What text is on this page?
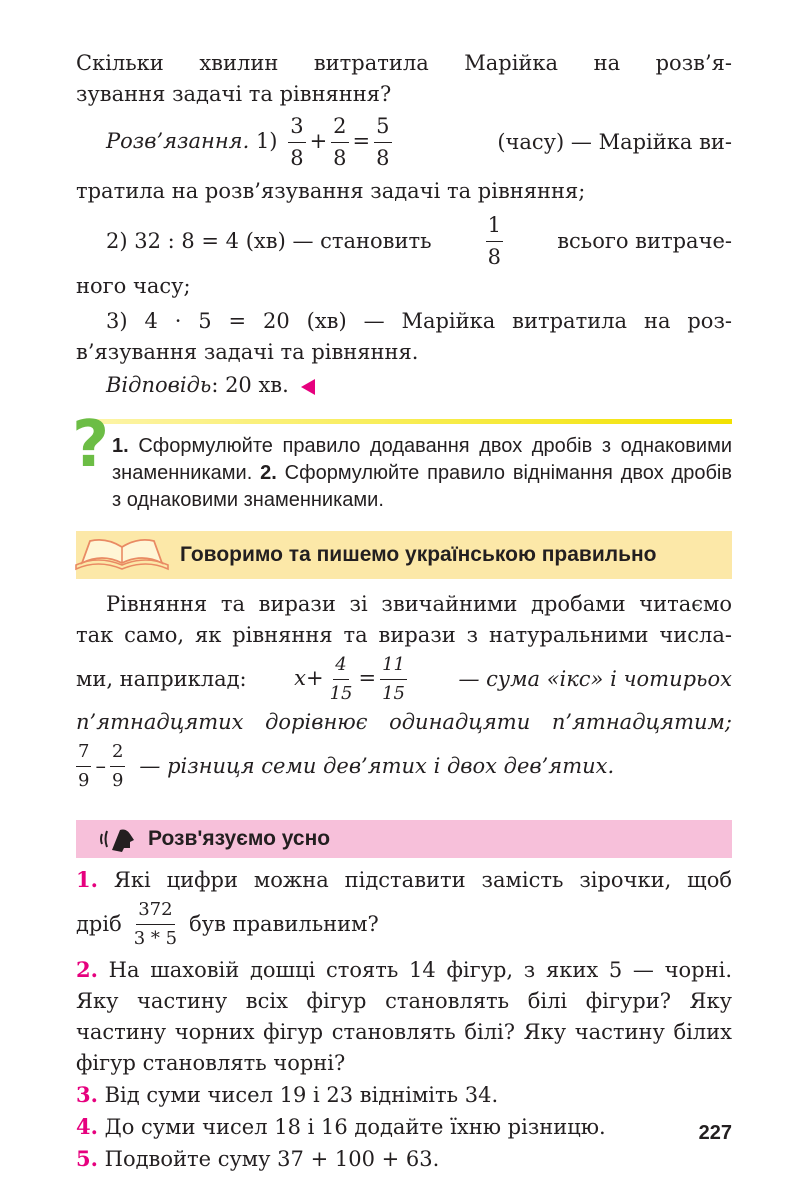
Скільки хвилин витратила Марійка на розв’я-

зування задачі та рівняння?

Розв’язання. $1) \frac{3}{8} + \frac{2}{8} = \frac{5}{8}$	(часу) — Марійка ви-

тратила на розв’язування задачі та рівняння;

2) 32 : 8 = 4 (хв) — становить	$\frac{1}{8}$	всього витраче-

ного часу;

3) 4 · 5 = 20 (хв) — Марійка витратила на роз-

в’язування задачі та рівняння.

Відповідь: 20 хв.

? 1. Сформулюйте правило додавання двох дробів з однаковими знаменниками. 2. Сформулюйте правило віднімання двох дробів з однаковими знаменниками.
Говоримо та пишемо українською правильно

Рівняння та вирази зі звичайними дробами читаємо

так само, як рівняння та вирази з натуральними числа-

ми, наприклад: $x+ \frac{4}{15} = \frac{11}{15}$ — сума «ікс» і чотирьох

п’ятнадцятих дорівнює одинадцяти п’ятнадцятим;

$\frac{7}{9} - \frac{2}{9}$ — різниця семи дев’ятих і двох дев’ятих.
Розв'язуємо усно

1. Які цифри можна підставити замість зірочки, щоб

дріб $\frac{372}{3 * 5}$ був правильним?

2. На шаховій дошці стоять 14 фігур, з яких 5 — чорні. Яку частину всіх фігур становлять білі фігури? Яку частину чорних фігур становлять білі? Яку частину білих фігур становлять чорні?

3. Від суми чисел 19 і 23 відніміть 34.

4. До суми чисел 18 і 16 додайте їхню різницю.

5. Подвойте суму 37 + 100 + 63.

227
